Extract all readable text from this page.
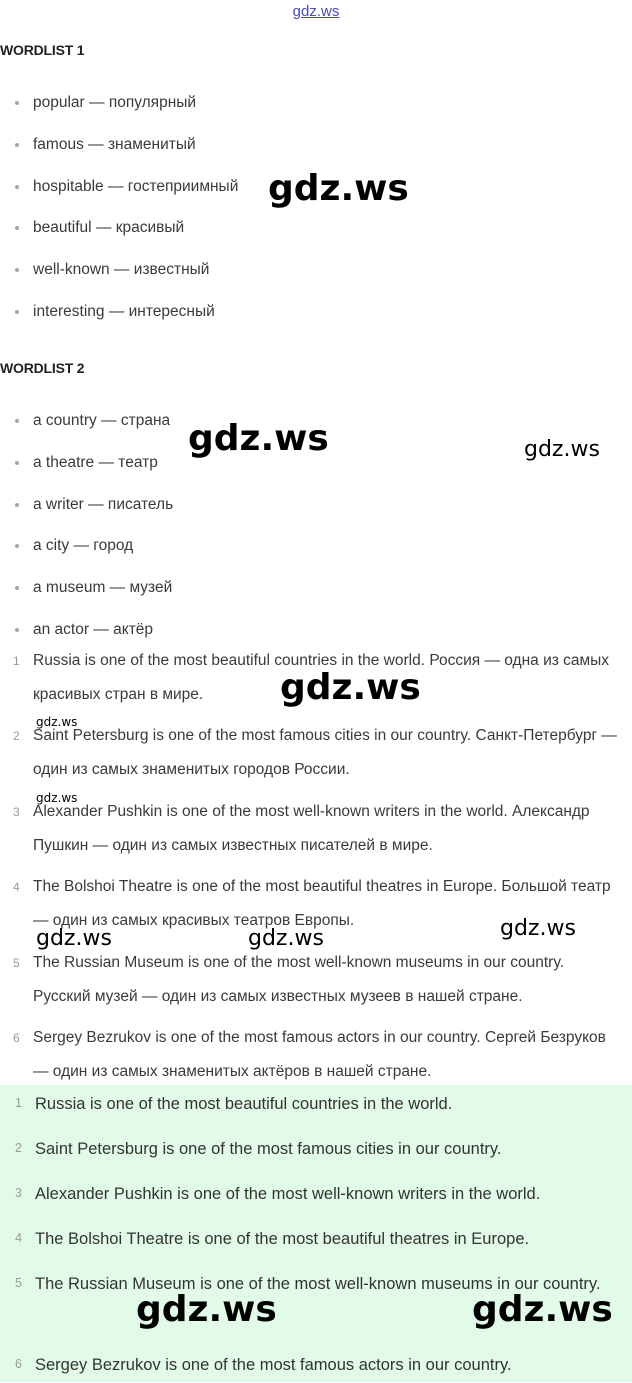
gdz.ws
WORDLIST 1
popular — популярный
famous — знаменитый
hospitable — гостеприимный
beautiful — красивый
well-known — известный
interesting — интересный
WORDLIST 2
a country — страна
a theatre — театр
a writer — писатель
a city — город
a museum — музей
an actor — актёр
1 Russia is one of the most beautiful countries in the world. Россия — одна из самых красивых стран в мире.
2 Saint Petersburg is one of the most famous cities in our country. Санкт-Петербург — один из самых знаменитых городов России.
3 Alexander Pushkin is one of the most well-known writers in the world. Александр Пушкин — один из самых известных писателей в мире.
4 The Bolshoi Theatre is one of the most beautiful theatres in Europe. Большой театр — один из самых красивых театров Европы.
5 The Russian Museum is one of the most well-known museums in our country. Русский музей — один из самых известных музеев в нашей стране.
6 Sergey Bezrukov is one of the most famous actors in our country. Сергей Безруков — один из самых знаменитых актёров в нашей стране.
1 Russia is one of the most beautiful countries in the world.
2 Saint Petersburg is one of the most famous cities in our country.
3 Alexander Pushkin is one of the most well-known writers in the world.
4 The Bolshoi Theatre is one of the most beautiful theatres in Europe.
5 The Russian Museum is one of the most well-known museums in our country.
6 Sergey Bezrukov is one of the most famous actors in our country.
gdz.ws
gdz.ws	gdz.ws
gdz.ws
gdz.ws
gdz.ws
gdz.ws	gdz.ws	gdz.ws
gdz.ws	gdz.ws
